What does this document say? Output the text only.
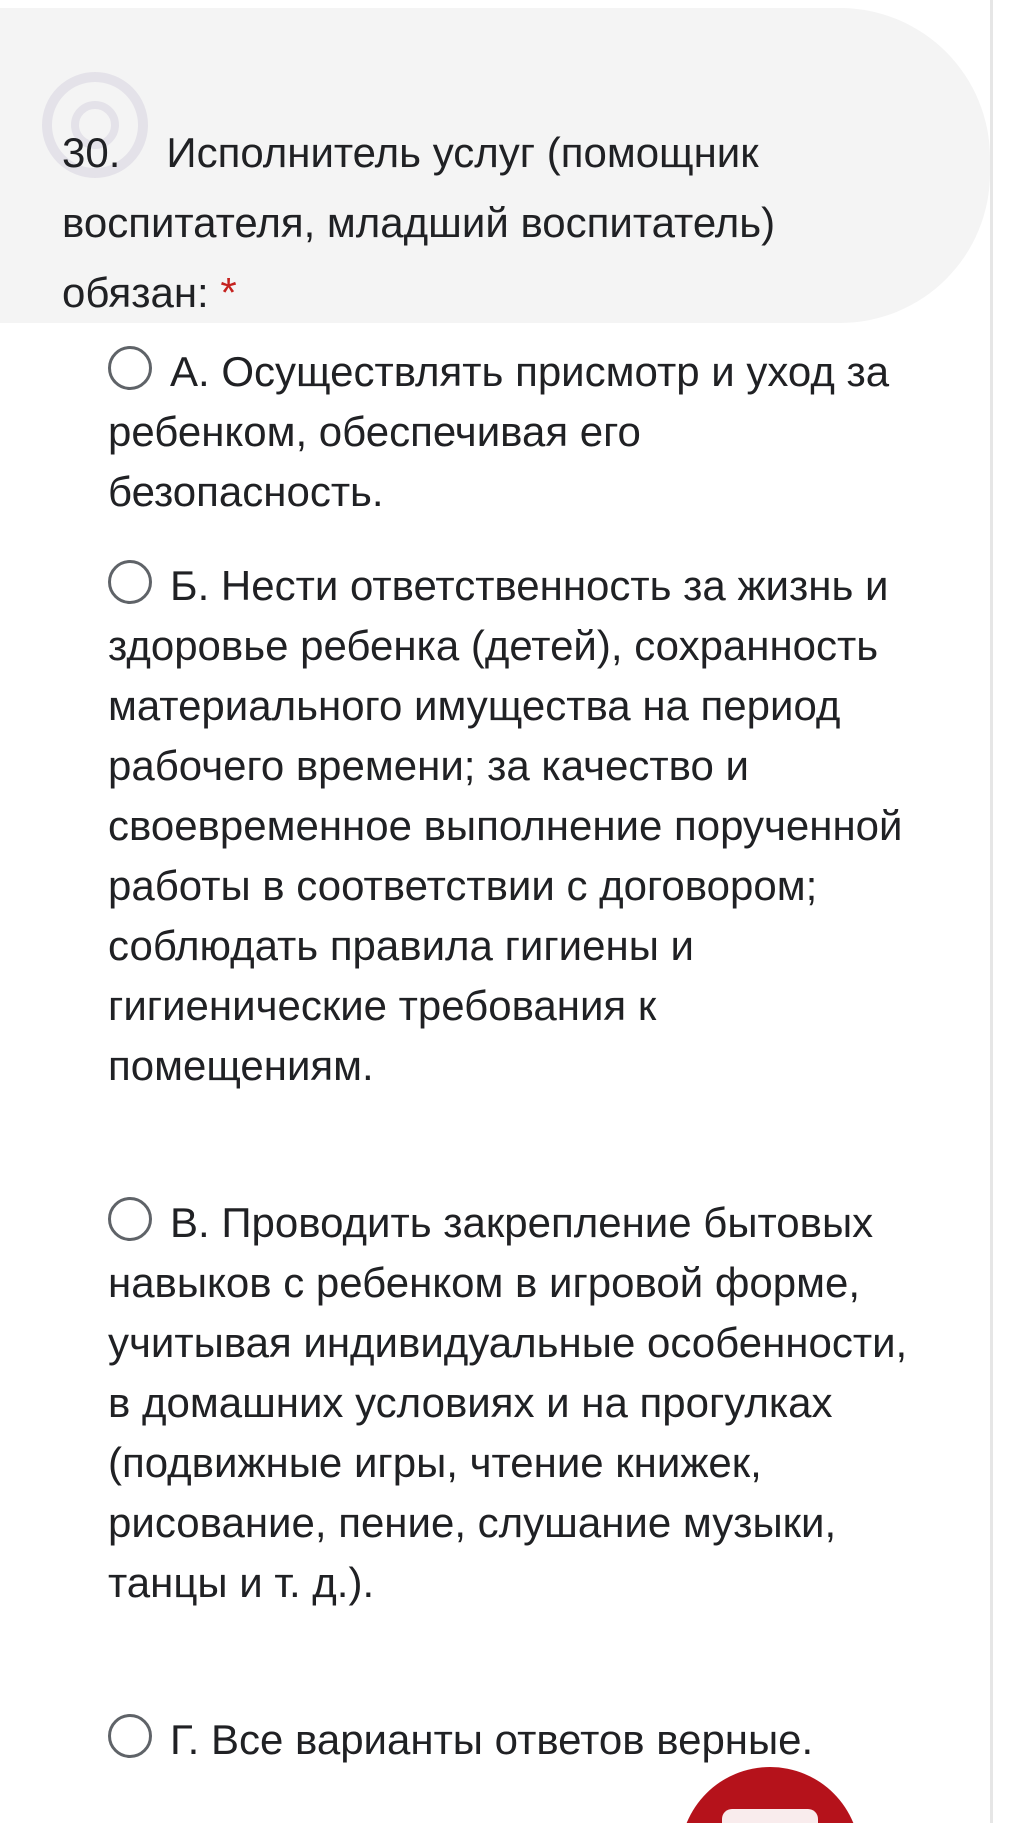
30. Исполнитель услуг (помощник воспитателя, младший воспитатель) обязан: *

А. Осуществлять присмотр и уход за ребенком, обеспечивая его безопасность.
Б. Нести ответственность за жизнь и здоровье ребенка (детей), сохранность материального имущества на период рабочего времени; за качество и своевременное выполнение порученной работы в соответствии с договором; соблюдать правила гигиены и гигиенические требования к помещениям.
В. Проводить закрепление бытовых навыков с ребенком в игровой форме, учитывая индивидуальные особенности, в домашних условиях и на прогулках (подвижные игры, чтение книжек, рисование, пение, слушание музыки, танцы и т. д.).
Г. Все варианты ответов верные.
